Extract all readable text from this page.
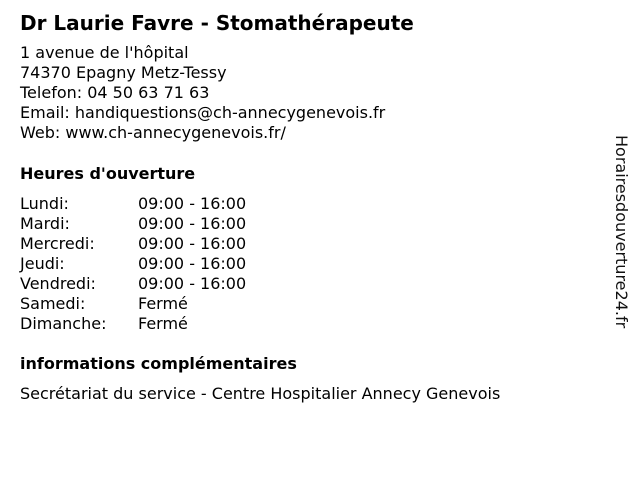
Dr Laurie Favre - Stomathérapeute
1 avenue de l'hôpital
74370 Epagny Metz-Tessy
Telefon: 04 50 63 71 63
Email: handiquestions@ch-annecygenevois.fr
Web: www.ch-annecygenevois.fr/
Heures d'ouverture
Lundi:	09:00 - 16:00
Mardi:	09:00 - 16:00
Mercredi:	09:00 - 16:00
Jeudi:	09:00 - 16:00
Vendredi:	09:00 - 16:00
Samedi:	Fermé
Dimanche:	Fermé
informations complémentaires
Secrétariat du service - Centre Hospitalier Annecy Genevois
Horairesdouverture24.fr
